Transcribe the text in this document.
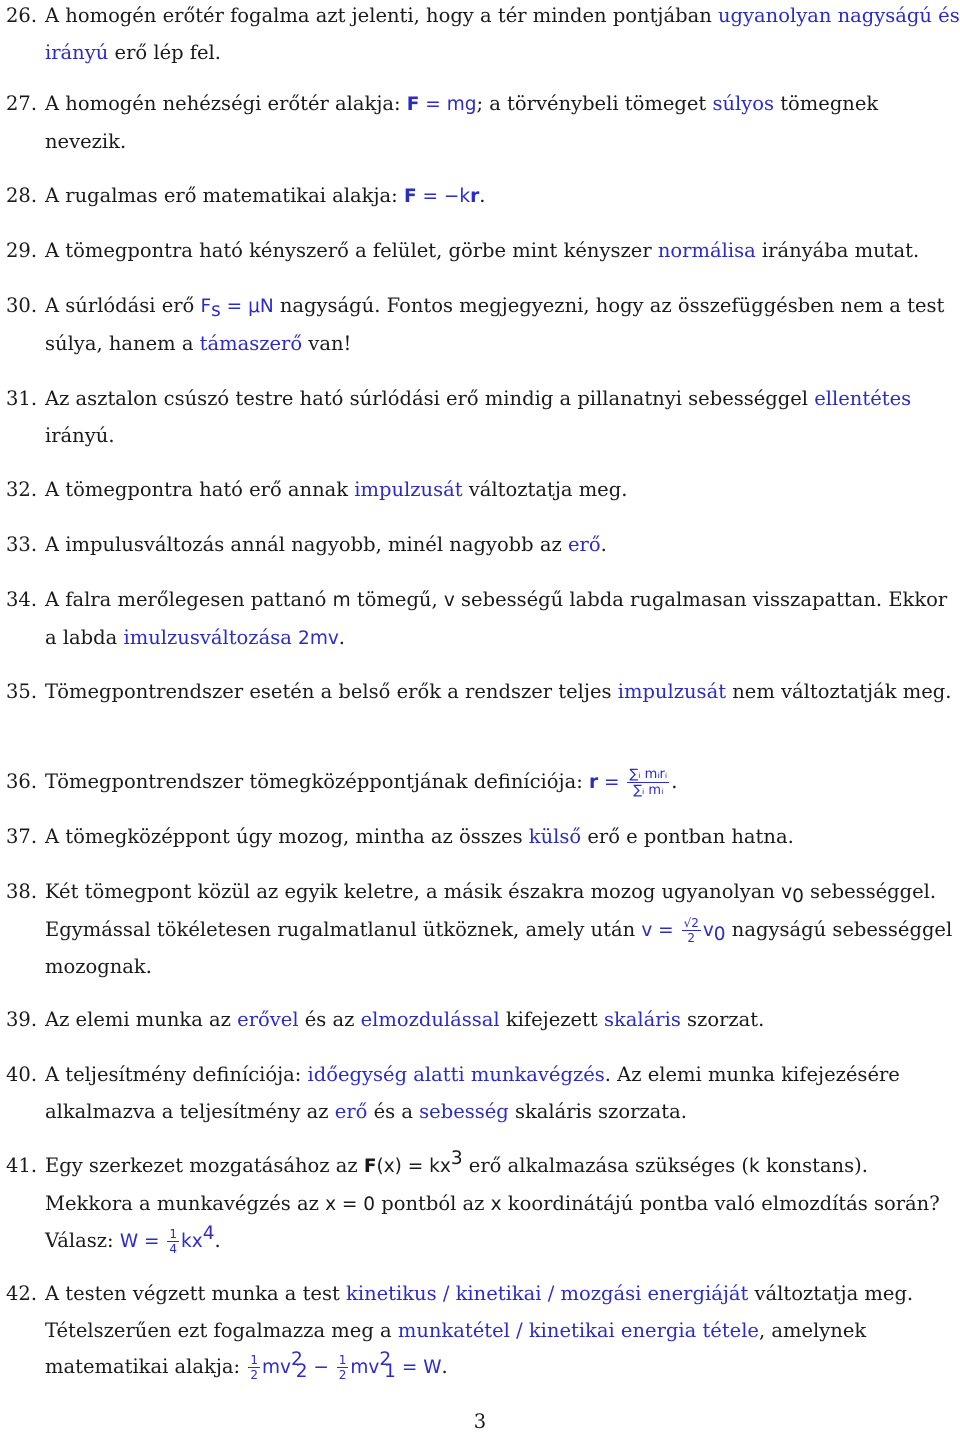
26. A homogén erőtér fogalma azt jelenti, hogy a tér minden pontjában ugyanolyan nagyságú és irányú erő lép fel.
27. A homogén nehézségi erőtér alakja: F = mg; a törvénybeli tömeget súlyos tömegnek nevezik.
28. A rugalmas erő matematikai alakja: F = −kr.
29. A tömegpontra ható kényszerő a felület, görbe mint kényszer normálisa irányába mutat.
30. A súrlódási erő $F_s = \mu N$ nagyságú. Fontos megjegyezni, hogy az összefüggésben nem a test súlya, hanem a támaszerő van!
31. Az asztalon csúszó testre ható súrlódási erő mindig a pillanatnyi sebességgel ellentétes irányú.
32. A tömegpontra ható erő annak impulzusát változtatja meg.
33. A impulusváltozás annál nagyobb, minél nagyobb az erő.
34. A falra merőlegesen pattanó m tömegű, v sebességű labda rugalmasan visszapattan. Ekkor a labda imulzusváltozása 2mv.
35. Tömegpontrendszer esetén a belső erők a rendszer teljes impulzusát nem változtatják meg.
36. Tömegpontrendszer tömegközéppontjának definíciója: $r = \frac{\text{∑ᵢ mᵢrᵢ}}{\text{∑ᵢ mᵢ}}$ .
37. A tömegközéppont úgy mozog, mintha az összes külső erő e pontban hatna.
38. Két tömegpont közül az egyik keletre, a másik északra mozog ugyanolyan $v_0$ sebességgel. Egymással tökéletesen rugalmatlanul ütköznek, amely után $v = \frac{√2}{2} v_0$ nagyságú sebességgel mozognak.
39. Az elemi munka az erővel és az elmozdulással kifejezett skaláris szorzat.
40. A teljesítmény definíciója: időegység alatti munkavégzés. Az elemi munka kifejezésére alkalmazva a teljesítmény az erő és a sebesség skaláris szorzata.
41. Egy szerkezet mozgatásához az $F(x) = kx^3$ erő alkalmazása szükséges (k konstans). Mekkora a munkavégzés az x = 0 pontból az x koordinátájú pontba való elmozdítás során? Válasz: $W = \frac{1}{4} kx^4$.
42. A testen végzett munka a test kinetikus / kinetikai / mozgási energiáját változtatja meg. Tételszerűen ezt fogalmazza meg a munkatétel / kinetikai energia tétele, amelynek matematikai alakja: $\frac{1}{2} mv^2_2 - \frac{1}{2} mv^2_1 = W$.
3
